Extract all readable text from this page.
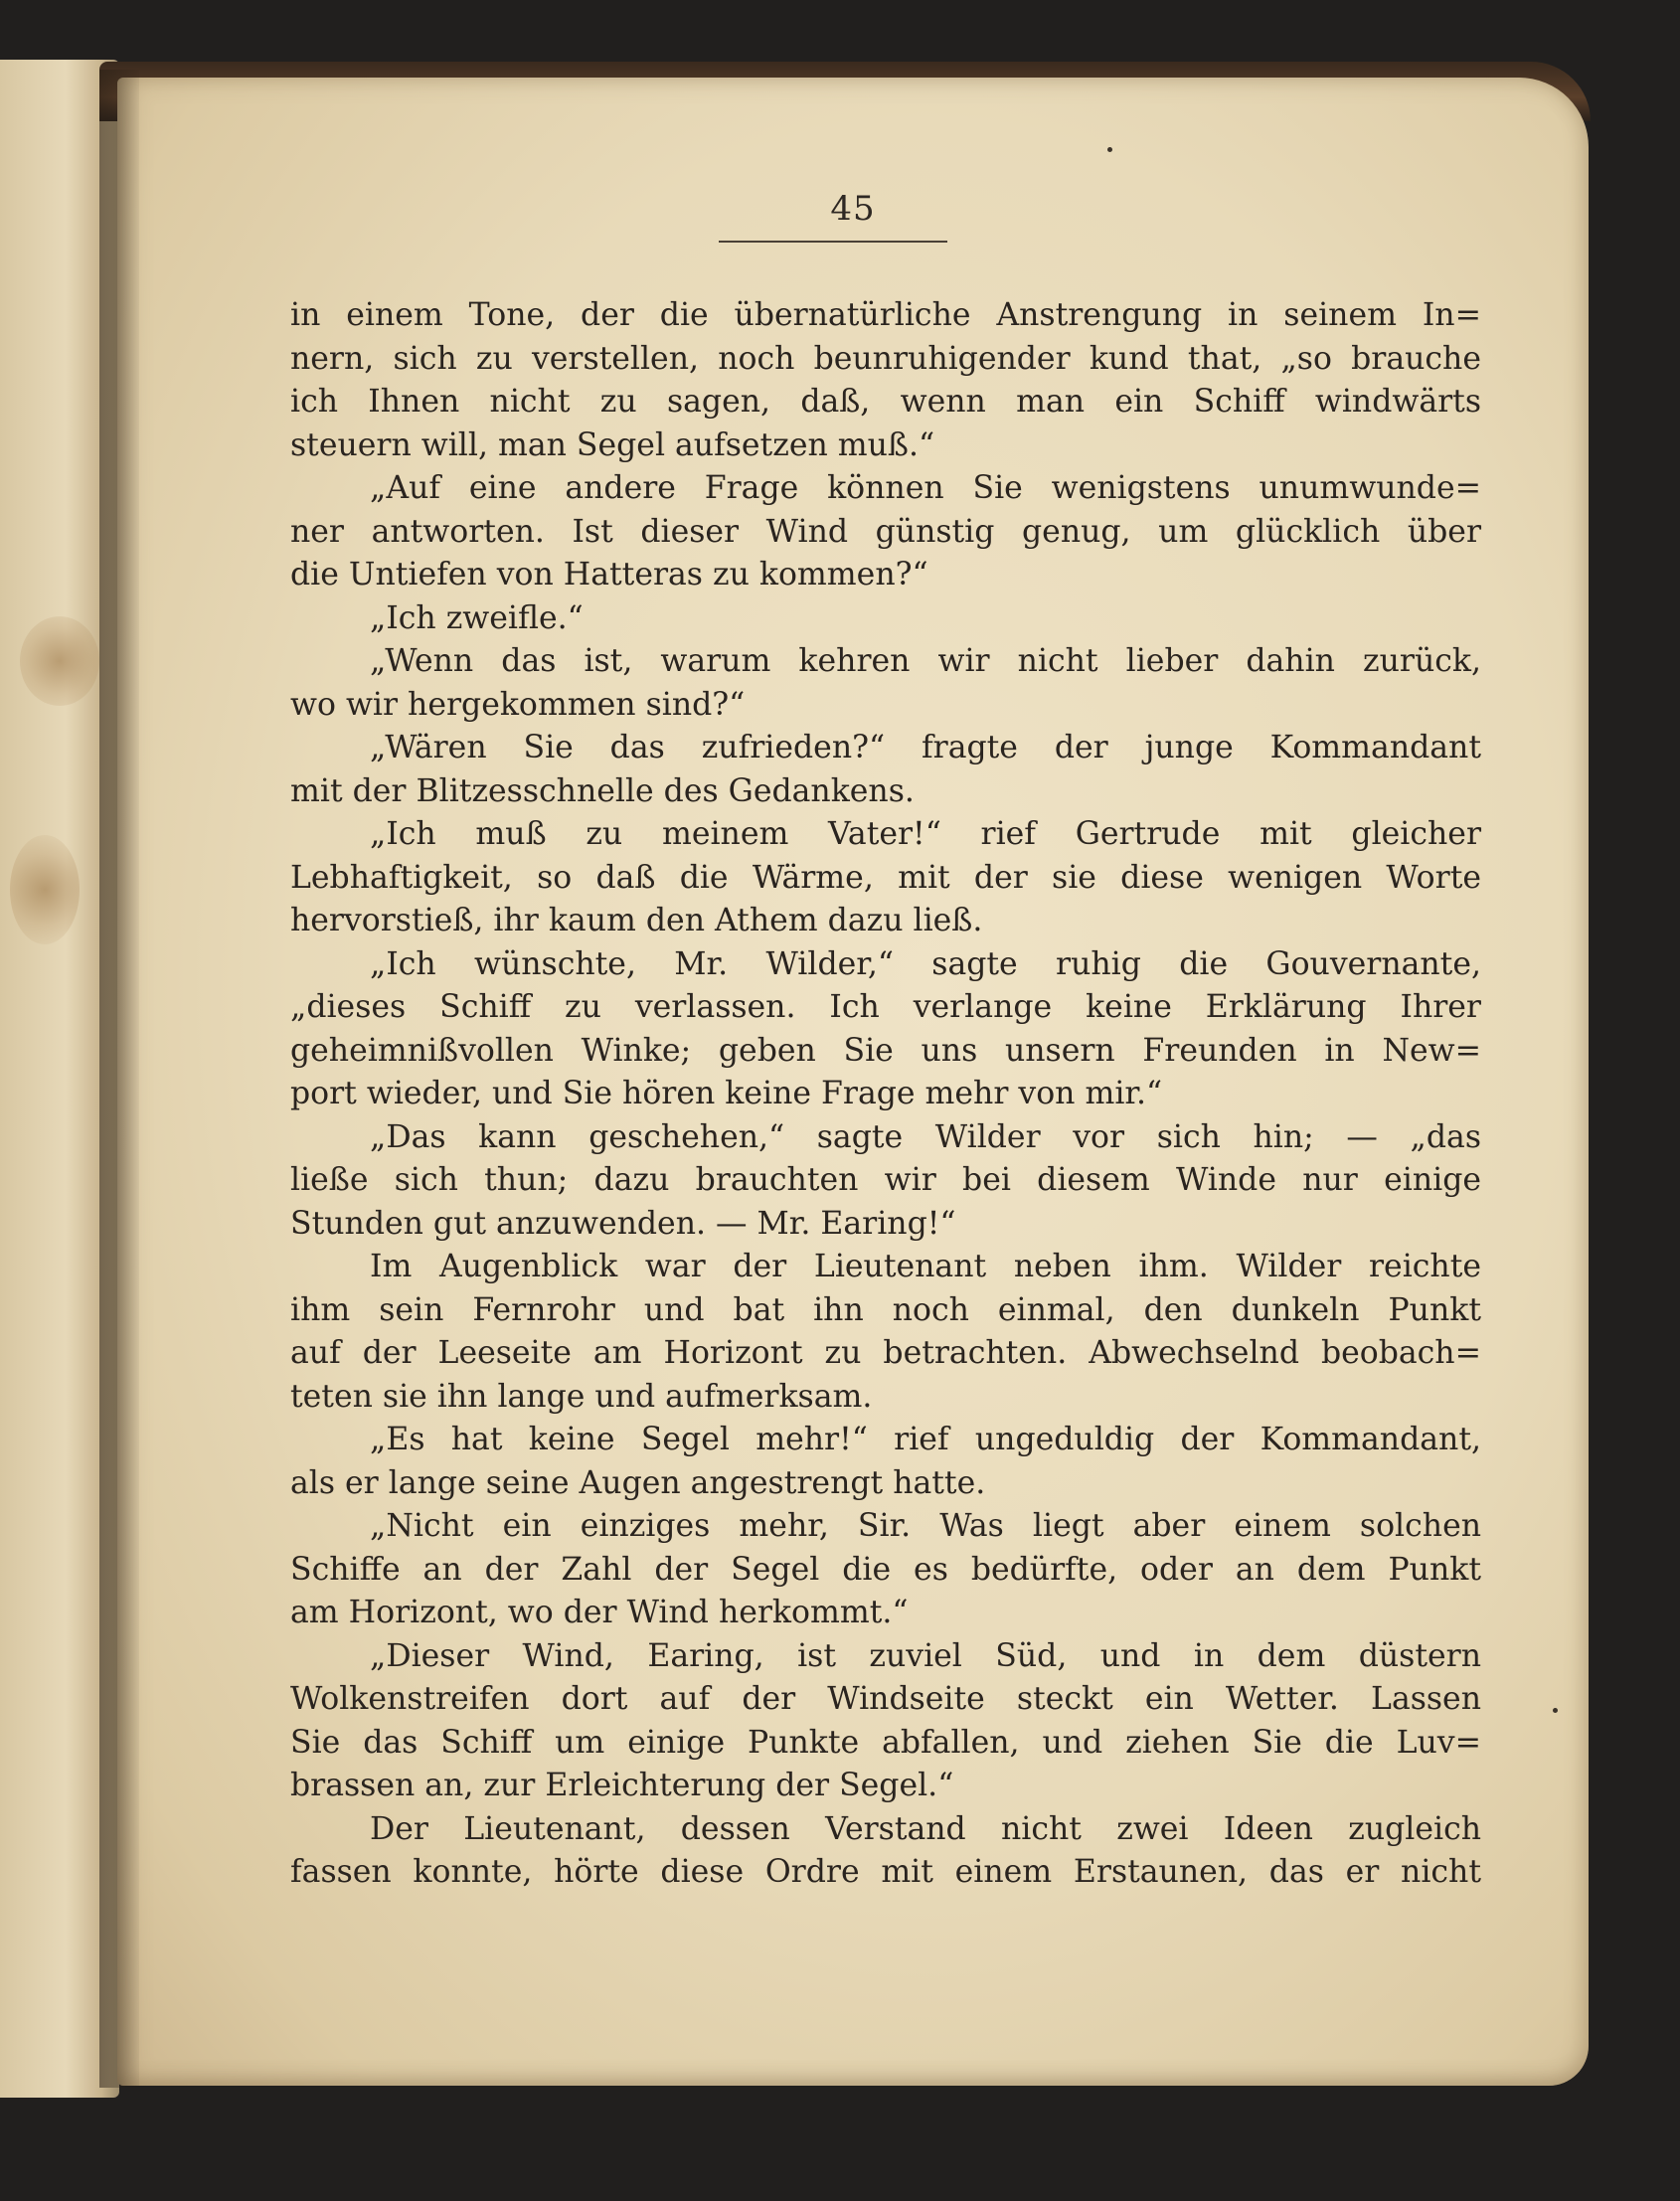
45
in einem Tone, der die übernatürliche Anstrengung in seinem In=
nern, sich zu verstellen, noch beunruhigender kund that, „so brauche
ich Ihnen nicht zu sagen, daß, wenn man ein Schiff windwärts
steuern will, man Segel aufsetzen muß.“
„Auf eine andere Frage können Sie wenigstens unumwunde=
ner antworten. Ist dieser Wind günstig genug, um glücklich über
die Untiefen von Hatteras zu kommen?“
„Ich zweifle.“
„Wenn das ist, warum kehren wir nicht lieber dahin zurück,
wo wir hergekommen sind?“
„Wären Sie das zufrieden?“ fragte der junge Kommandant
mit der Blitzesschnelle des Gedankens.
„Ich muß zu meinem Vater!“ rief Gertrude mit gleicher
Lebhaftigkeit, so daß die Wärme, mit der sie diese wenigen Worte
hervorstieß, ihr kaum den Athem dazu ließ.
„Ich wünschte, Mr. Wilder,“ sagte ruhig die Gouvernante,
„dieses Schiff zu verlassen. Ich verlange keine Erklärung Ihrer
geheimnißvollen Winke; geben Sie uns unsern Freunden in New=
port wieder, und Sie hören keine Frage mehr von mir.“
„Das kann geschehen,“ sagte Wilder vor sich hin; — „das
ließe sich thun; dazu brauchten wir bei diesem Winde nur einige
Stunden gut anzuwenden. — Mr. Earing!“
Im Augenblick war der Lieutenant neben ihm. Wilder reichte
ihm sein Fernrohr und bat ihn noch einmal, den dunkeln Punkt
auf der Leeseite am Horizont zu betrachten. Abwechselnd beobach=
teten sie ihn lange und aufmerksam.
„Es hat keine Segel mehr!“ rief ungeduldig der Kommandant,
als er lange seine Augen angestrengt hatte.
„Nicht ein einziges mehr, Sir. Was liegt aber einem solchen
Schiffe an der Zahl der Segel die es bedürfte, oder an dem Punkt
am Horizont, wo der Wind herkommt.“
„Dieser Wind, Earing, ist zuviel Süd, und in dem düstern
Wolkenstreifen dort auf der Windseite steckt ein Wetter. Lassen
Sie das Schiff um einige Punkte abfallen, und ziehen Sie die Luv=
brassen an, zur Erleichterung der Segel.“
Der Lieutenant, dessen Verstand nicht zwei Ideen zugleich
fassen konnte, hörte diese Ordre mit einem Erstaunen, das er nicht
